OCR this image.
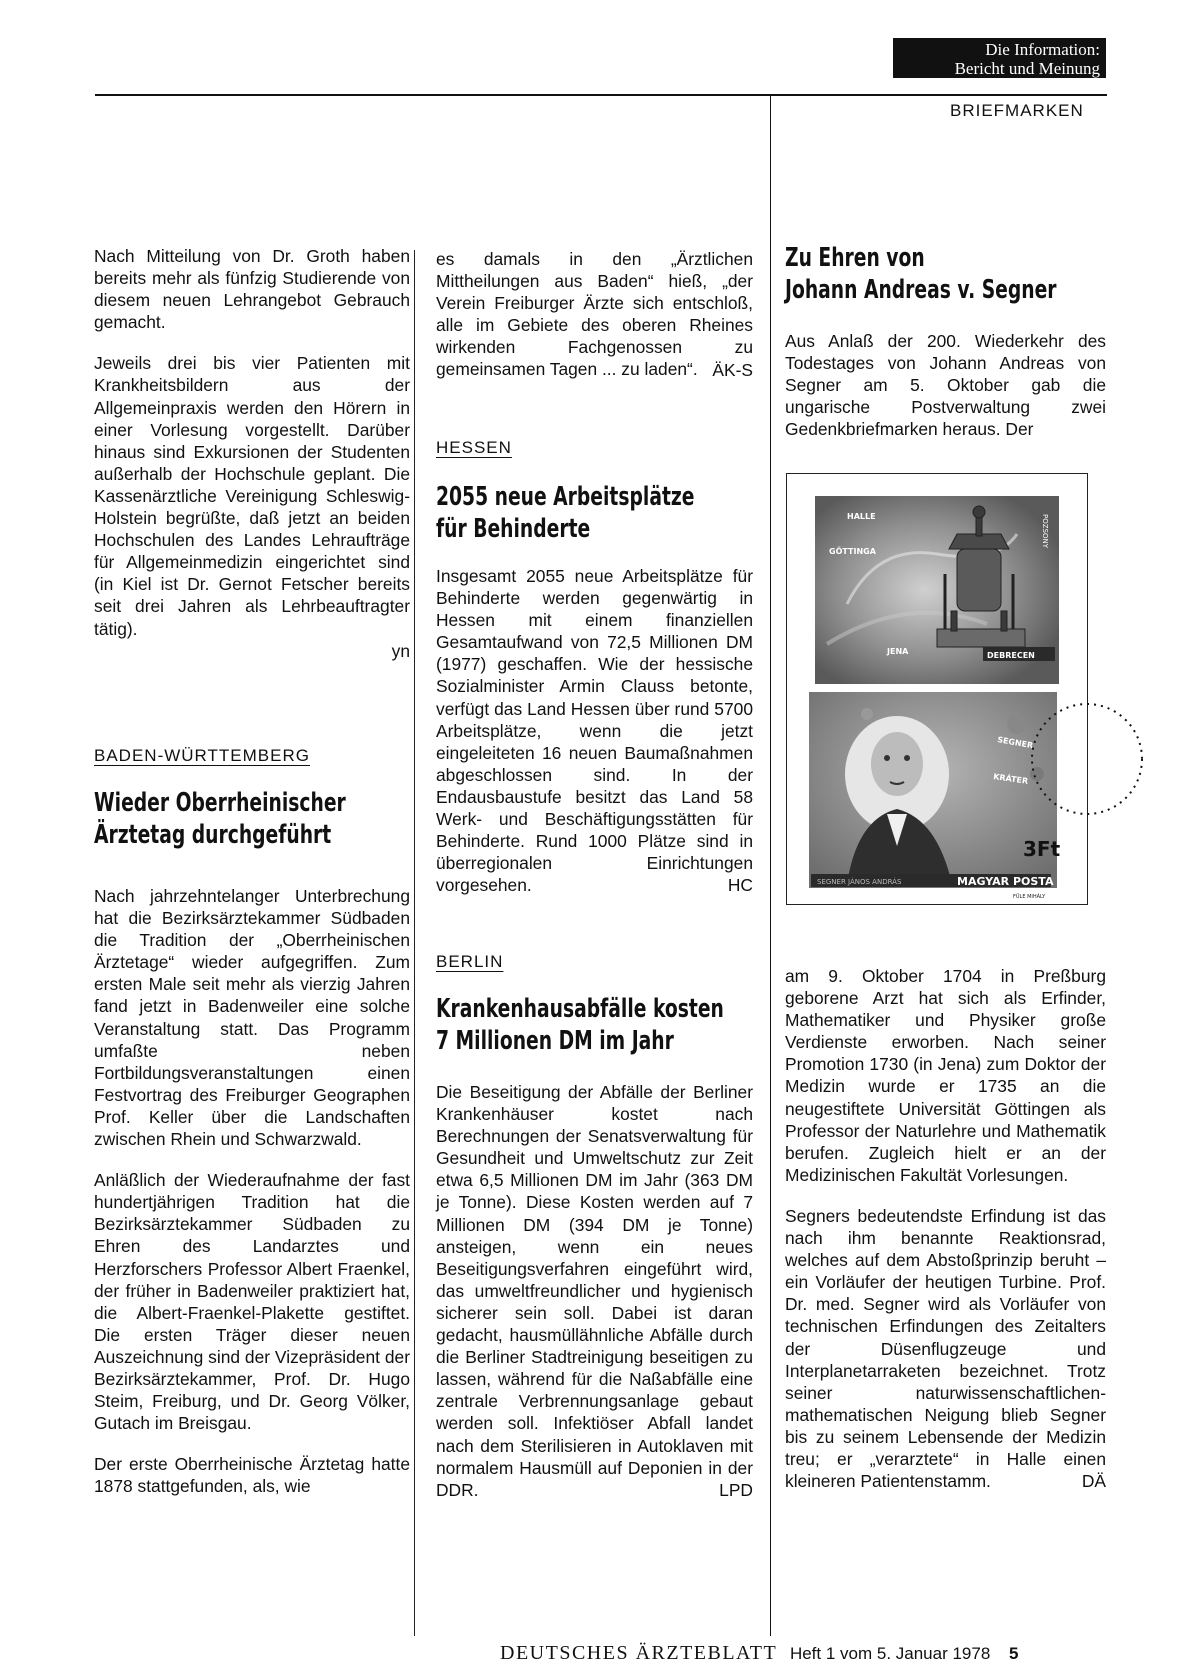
Die Information:
Bericht und Meinung
BRIEFMARKEN

Nach Mitteilung von Dr. Groth haben bereits mehr als fünfzig Studierende von diesem neuen Lehrangebot Gebrauch gemacht.

Jeweils drei bis vier Patienten mit Krankheitsbildern aus der Allgemeinpraxis werden den Hörern in einer Vorlesung vorgestellt. Darüber hinaus sind Exkursionen der Studenten außerhalb der Hochschule geplant. Die Kassenärztliche Vereinigung Schleswig-Holstein begrüßte, daß jetzt an beiden Hochschulen des Landes Lehraufträge für Allgemeinmedizin eingerichtet sind (in Kiel ist Dr. Gernot Fetscher bereits seit drei Jahren als Lehrbeauftragter tätig).

yn
BADEN-WÜRTTEMBERG
Wieder Oberrheinischer
Ärztetag durchgeführt

Nach jahrzehntelanger Unterbrechung hat die Bezirksärztekammer Südbaden die Tradition der „Oberrheinischen Ärztetage“ wieder aufgegriffen. Zum ersten Male seit mehr als vierzig Jahren fand jetzt in Badenweiler eine solche Veranstaltung statt. Das Programm umfaßte neben Fortbildungsveranstaltungen einen Festvortrag des Freiburger Geographen Prof. Keller über die Landschaften zwischen Rhein und Schwarzwald.

Anläßlich der Wiederaufnahme der fast hundertjährigen Tradition hat die Bezirksärztekammer Südbaden zu Ehren des Landarztes und Herzforschers Professor Albert Fraenkel, der früher in Badenweiler praktiziert hat, die Albert-Fraenkel-Plakette gestiftet. Die ersten Träger dieser neuen Auszeichnung sind der Vizepräsident der Bezirksärztekammer, Prof. Dr. Hugo Steim, Freiburg, und Dr. Georg Völker, Gutach im Breisgau.

Der erste Oberrheinische Ärztetag hatte 1878 stattgefunden, als, wie

es damals in den „Ärztlichen Mittheilungen aus Baden“ hieß, „der Verein Freiburger Ärzte sich entschloß, alle im Gebiete des oberen Rheines wirkenden Fachgenossen zu gemeinsamen Tagen ... zu laden“. ÄK-S
HESSEN
2055 neue Arbeitsplätze
für Behinderte

Insgesamt 2055 neue Arbeitsplätze für Behinderte werden gegenwärtig in Hessen mit einem finanziellen Gesamtaufwand von 72,5 Millionen DM (1977) geschaffen. Wie der hessische Sozialminister Armin Clauss betonte, verfügt das Land Hessen über rund 5700 Arbeitsplätze, wenn die jetzt eingeleiteten 16 neuen Baumaßnahmen abgeschlossen sind. In der Endausbaustufe besitzt das Land 58 Werk- und Beschäftigungsstätten für Behinderte. Rund 1000 Plätze sind in überregionalen Einrichtungen vorgesehen.	HC
BERLIN
Krankenhausabfälle kosten
7 Millionen DM im Jahr

Die Beseitigung der Abfälle der Berliner Krankenhäuser kostet nach Berechnungen der Senatsverwaltung für Gesundheit und Umweltschutz zur Zeit etwa 6,5 Millionen DM im Jahr (363 DM je Tonne). Diese Kosten werden auf 7 Millionen DM (394 DM je Tonne) ansteigen, wenn ein neues Beseitigungsverfahren eingeführt wird, das umweltfreundlicher und hygienisch sicherer sein soll. Dabei ist daran gedacht, hausmüllähnliche Abfälle durch die Berliner Stadtreinigung beseitigen zu lassen, während für die Naßabfälle eine zentrale Verbrennungsanlage gebaut werden soll. Infektiöser Abfall landet nach dem Sterilisieren in Autoklaven mit normalem Hausmüll auf Deponien in der DDR.	LPD
Zu Ehren von
Johann Andreas v. Segner

Aus Anlaß der 200. Wiederkehr des Todestages von Johann Andreas von Segner am 5. Oktober gab die ungarische Postverwaltung zwei Gedenkbriefmarken heraus. Der

HALLE
GÖTTINGA
JENA
POZSONY
DEBRECEN
1704-1777	SEGNER
KRÁTER
3Ft
SEGNER JÁNOS ANDRÁS	MAGYAR POSTA
FÜLE MIHÁLY

am 9. Oktober 1704 in Preßburg geborene Arzt hat sich als Erfinder, Mathematiker und Physiker große Verdienste erworben. Nach seiner Promotion 1730 (in Jena) zum Doktor der Medizin wurde er 1735 an die neugestiftete Universität Göttingen als Professor der Naturlehre und Mathematik berufen. Zugleich hielt er an der Medizinischen Fakultät Vorlesungen.

Segners bedeutendste Erfindung ist das nach ihm benannte Reaktionsrad, welches auf dem Abstoßprinzip beruht – ein Vorläufer der heutigen Turbine. Prof. Dr. med. Segner wird als Vorläufer von technischen Erfindungen des Zeitalters der Düsenflugzeuge und Interplanetarraketen bezeichnet. Trotz seiner naturwissenschaftlichen-mathematischen Neigung blieb Segner bis zu seinem Lebensende der Medizin treu; er „verarztete“ in Halle einen kleineren Patientenstamm.	DÄ
DEUTSCHES ÄRZTEBLATT Heft 1 vom 5. Januar 1978 5
